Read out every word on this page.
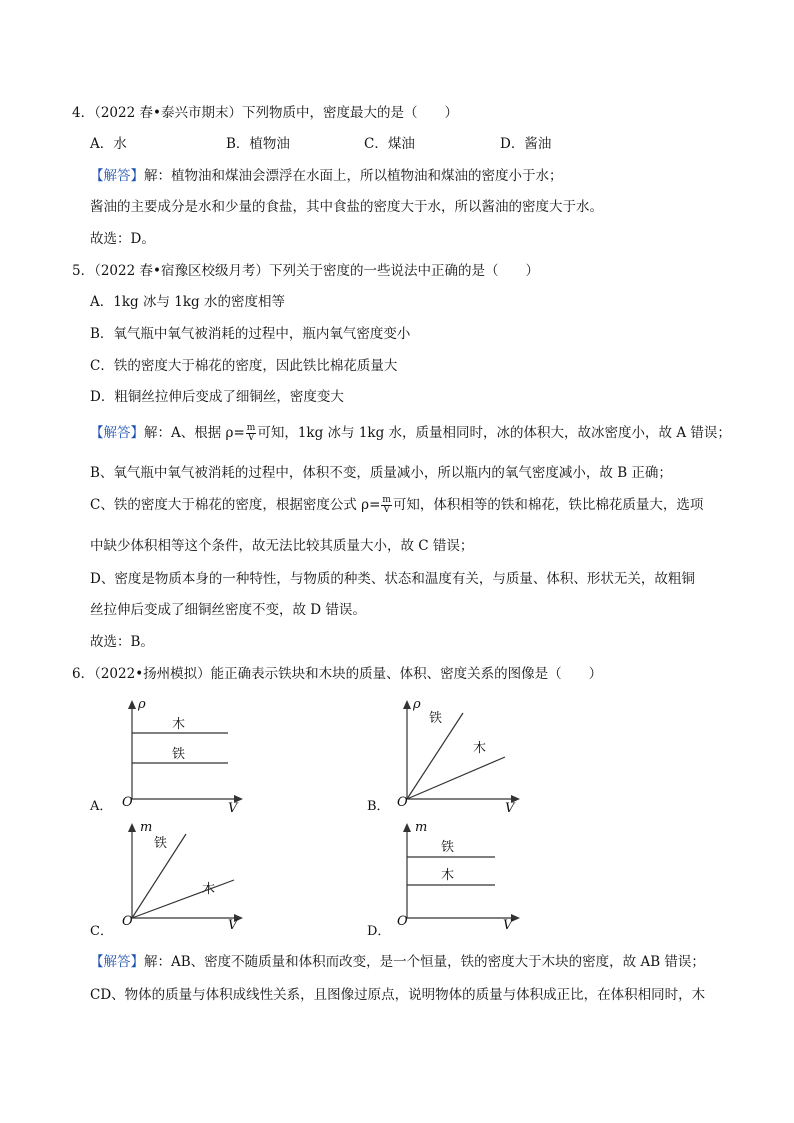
4．（2022 春•泰兴市期末）下列物质中，密度最大的是（　　）
A．水	B．植物油	C．煤油	D．酱油
【解答】解：植物油和煤油会漂浮在水面上，所以植物油和煤油的密度小于水；
酱油的主要成分是水和少量的食盐，其中食盐的密度大于水，所以酱油的密度大于水。
故选：D。
5．（2022 春•宿豫区校级月考）下列关于密度的一些说法中正确的是（　　）
A．1kg 冰与 1kg 水的密度相等
B．氧气瓶中氧气被消耗的过程中，瓶内氧气密度变小
C．铁的密度大于棉花的密度，因此铁比棉花质量大
D．粗铜丝拉伸后变成了细铜丝，密度变大
【解答】解：A、根据 $\rho= \frac{m}{V}$ 可知，1kg 冰与 1kg 水，质量相同时，冰的体积大，故冰密度小，故 A 错误；
B、氧气瓶中氧气被消耗的过程中，体积不变，质量减小，所以瓶内的氧气密度减小，故 B 正确；
C、铁的密度大于棉花的密度，根据密度公式 $\rho= \frac{m}{V}$ 可知，体积相等的铁和棉花，铁比棉花质量大，选项
中缺少体积相等这个条件，故无法比较其质量大小，故 C 错误；
D、密度是物质本身的一种特性，与物质的种类、状态和温度有关，与质量、体积、形状无关，故粗铜
丝拉伸后变成了细铜丝密度不变，故 D 错误。
故选：B。
6．（2022•扬州模拟）能正确表示铁块和木块的质量、体积、密度关系的图像是（　　）
A．
ρ
V
O
木
铁
B．
ρ
V
O
铁
木
C．
m
V
O
铁
木
D．
m
V
O
铁
木
【解答】解：AB、密度不随质量和体积而改变，是一个恒量，铁的密度大于木块的密度，故 AB 错误；
CD、物体的质量与体积成线性关系，且图像过原点，说明物体的质量与体积成正比，在体积相同时，木
